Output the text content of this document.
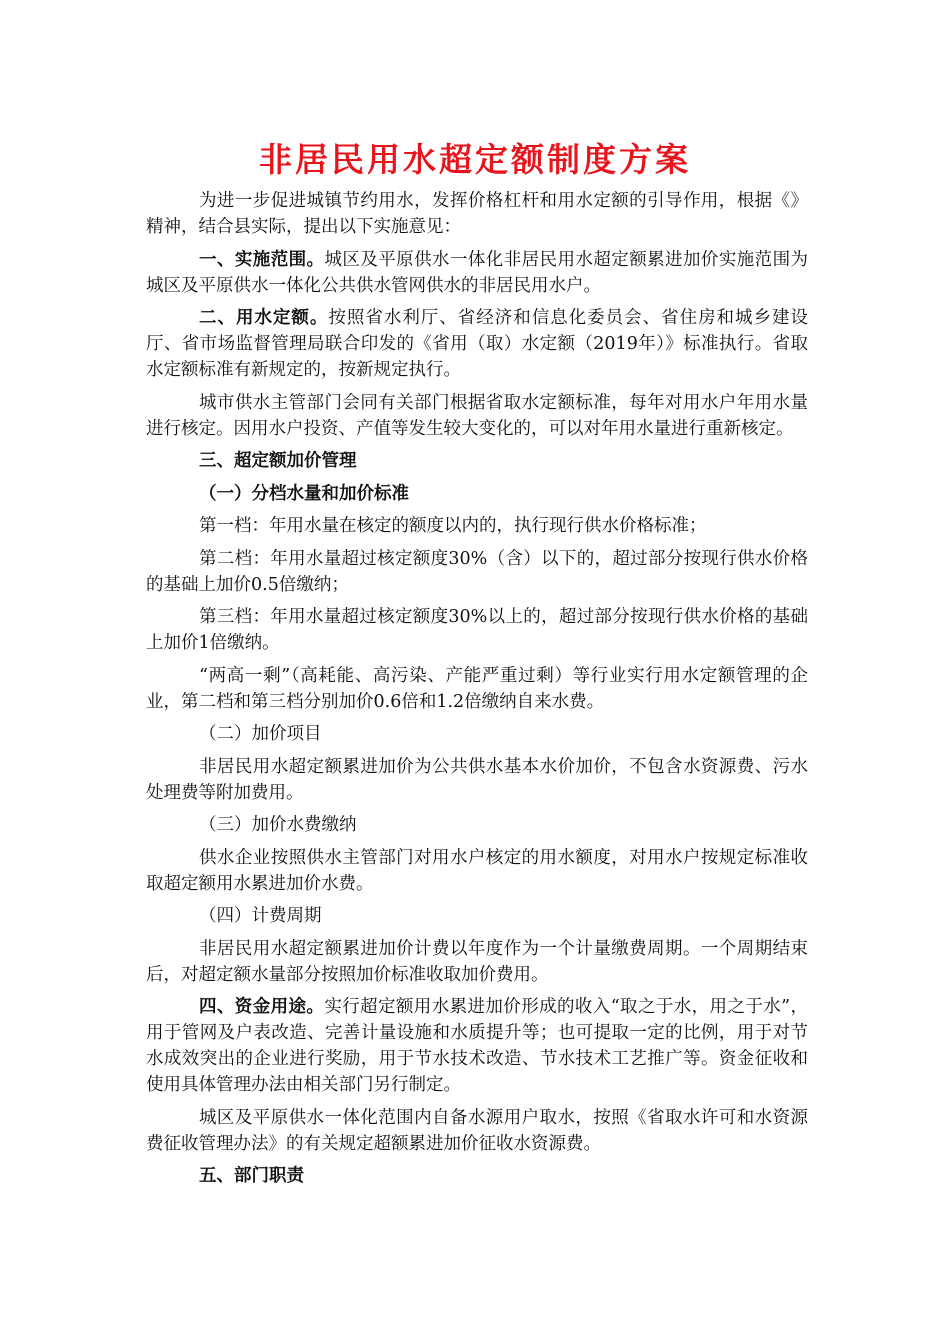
非居民用水超定额制度方案

为进一步促进城镇节约用水，发挥价格杠杆和用水定额的引导作用，根据《》精神，结合县实际，提出以下实施意见：

一、实施范围。城区及平原供水一体化非居民用水超定额累进加价实施范围为城区及平原供水一体化公共供水管网供水的非居民用水户。

二、用水定额。按照省水利厅、省经济和信息化委员会、省住房和城乡建设厅、省市场监督管理局联合印发的《省用（取）水定额（2019年）》标准执行。省取水定额标准有新规定的，按新规定执行。

城市供水主管部门会同有关部门根据省取水定额标准，每年对用水户年用水量进行核定。因用水户投资、产值等发生较大变化的，可以对年用水量进行重新核定。

三、超定额加价管理

（一）分档水量和加价标准

第一档：年用水量在核定的额度以内的，执行现行供水价格标准；

第二档：年用水量超过核定额度30%（含）以下的，超过部分按现行供水价格的基础上加价0.5倍缴纳；

第三档：年用水量超过核定额度30%以上的，超过部分按现行供水价格的基础上加价1倍缴纳。

“两高一剩”（高耗能、高污染、产能严重过剩）等行业实行用水定额管理的企业，第二档和第三档分别加价0.6倍和1.2倍缴纳自来水费。

（二）加价项目

非居民用水超定额累进加价为公共供水基本水价加价，不包含水资源费、污水处理费等附加费用。

（三）加价水费缴纳

供水企业按照供水主管部门对用水户核定的用水额度，对用水户按规定标准收取超定额用水累进加价水费。

（四）计费周期

非居民用水超定额累进加价计费以年度作为一个计量缴费周期。一个周期结束后，对超定额水量部分按照加价标准收取加价费用。

四、资金用途。实行超定额用水累进加价形成的收入“取之于水，用之于水”，用于管网及户表改造、完善计量设施和水质提升等；也可提取一定的比例，用于对节水成效突出的企业进行奖励，用于节水技术改造、节水技术工艺推广等。资金征收和使用具体管理办法由相关部门另行制定。

城区及平原供水一体化范围内自备水源用户取水，按照《省取水许可和水资源费征收管理办法》的有关规定超额累进加价征收水资源费。

五、部门职责
